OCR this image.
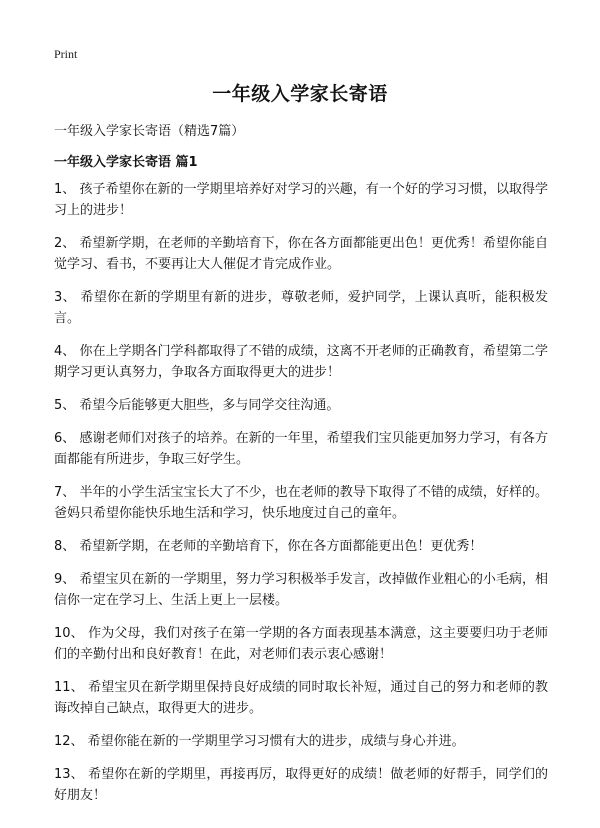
Print
一年级入学家长寄语
一年级入学家长寄语（精选7篇）
一年级入学家长寄语 篇1

1、 孩子希望你在新的一学期里培养好对学习的兴趣，有一个好的学习习惯，以取得学习上的进步！

2、 希望新学期，在老师的辛勤培育下，你在各方面都能更出色！更优秀！希望你能自觉学习、看书，不要再让大人催促才肯完成作业。

3、 希望你在新的学期里有新的进步，尊敬老师，爱护同学，上课认真听，能积极发言。

4、 你在上学期各门学科都取得了不错的成绩，这离不开老师的正确教育，希望第二学期学习更认真努力，争取各方面取得更大的进步！

5、 希望今后能够更大胆些，多与同学交往沟通。

6、 感谢老师们对孩子的培养。在新的一年里，希望我们宝贝能更加努力学习，有各方面都能有所进步，争取三好学生。

7、 半年的小学生活宝宝长大了不少，也在老师的教导下取得了不错的成绩，好样的。爸妈只希望你能快乐地生活和学习，快乐地度过自己的童年。

8、 希望新学期，在老师的辛勤培育下，你在各方面都能更出色！更优秀！

9、 希望宝贝在新的一学期里，努力学习积极举手发言，改掉做作业粗心的小毛病，相信你一定在学习上、生活上更上一层楼。

10、 作为父母，我们对孩子在第一学期的各方面表现基本满意，这主要要归功于老师们的辛勤付出和良好教育！在此，对老师们表示衷心感谢！

11、 希望宝贝在新学期里保持良好成绩的同时取长补短，通过自己的努力和老师的教诲改掉自己缺点，取得更大的进步。

12、 希望你能在新的一学期里学习习惯有大的进步，成绩与身心并进。

13、 希望你在新的学期里，再接再厉，取得更好的成绩！做老师的好帮手，同学们的好朋友！
